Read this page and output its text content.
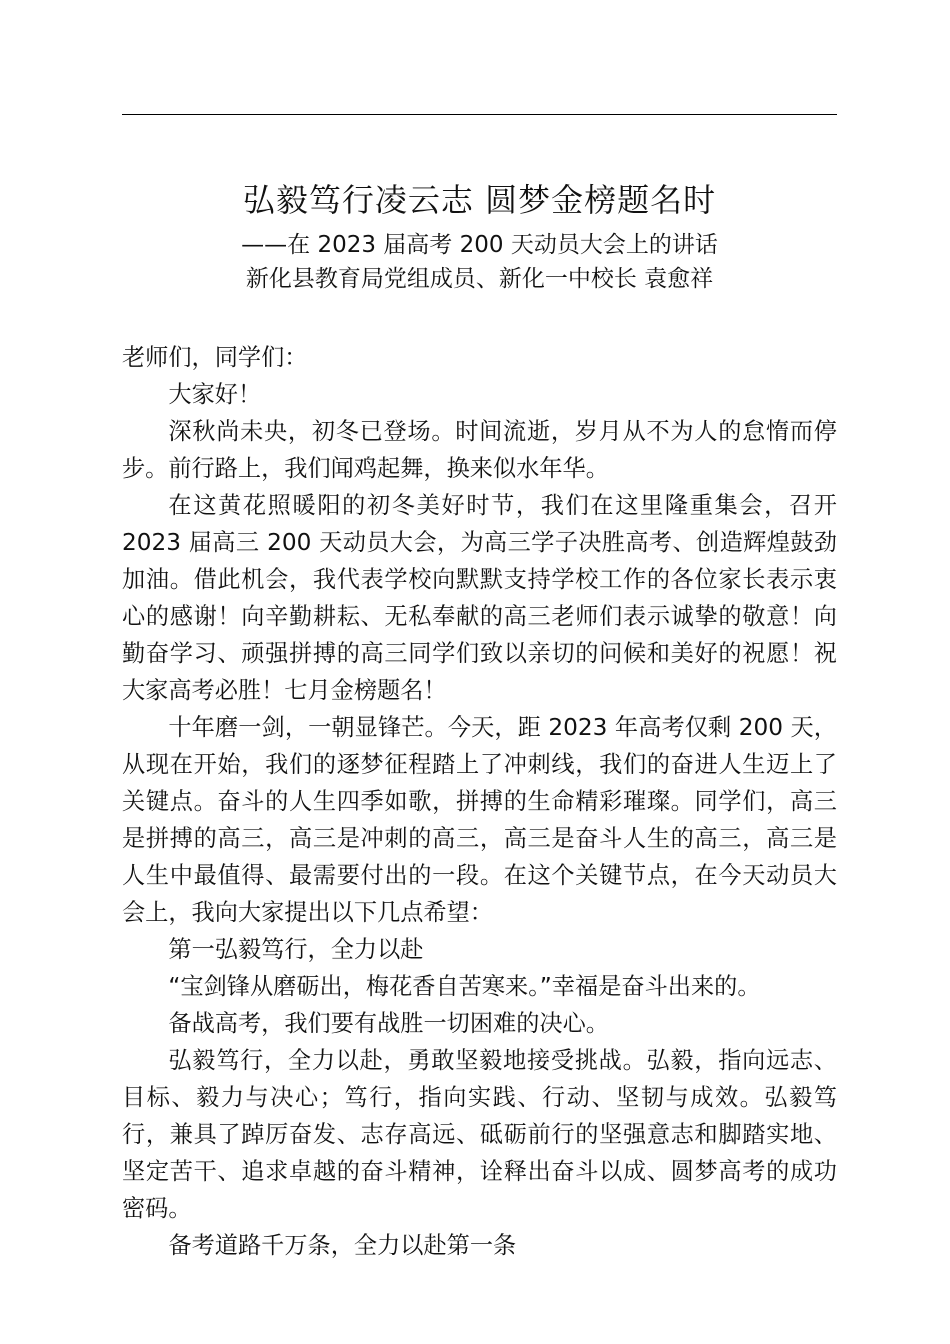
弘毅笃行凌云志 圆梦金榜题名时

——在 2023 届高考 200 天动员大会上的讲话

新化县教育局党组成员、新化一中校长 袁愈祥

老师们，同学们：

大家好！

深秋尚未央，初冬已登场。时间流逝，岁月从不为人的怠惰而停步。前行路上，我们闻鸡起舞，换来似水年华。

在这黄花照暖阳的初冬美好时节，我们在这里隆重集会，召开 2023 届高三 200 天动员大会，为高三学子决胜高考、创造辉煌鼓劲加油。借此机会，我代表学校向默默支持学校工作的各位家长表示衷心的感谢！向辛勤耕耘、无私奉献的高三老师们表示诚挚的敬意！向勤奋学习、顽强拼搏的高三同学们致以亲切的问候和美好的祝愿！祝大家高考必胜！七月金榜题名！

十年磨一剑，一朝显锋芒。今天，距 2023 年高考仅剩 200 天，从现在开始，我们的逐梦征程踏上了冲刺线，我们的奋进人生迈上了关键点。奋斗的人生四季如歌，拼搏的生命精彩璀璨。同学们，高三是拼搏的高三，高三是冲刺的高三，高三是奋斗人生的高三，高三是人生中最值得、最需要付出的一段。在这个关键节点，在今天动员大会上，我向大家提出以下几点希望：

第一弘毅笃行，全力以赴

“宝剑锋从磨砺出，梅花香自苦寒来。”幸福是奋斗出来的。

备战高考，我们要有战胜一切困难的决心。

弘毅笃行，全力以赴，勇敢坚毅地接受挑战。弘毅，指向远志、目标、毅力与决心；笃行，指向实践、行动、坚韧与成效。弘毅笃行，兼具了踔厉奋发、志存高远、砥砺前行的坚强意志和脚踏实地、坚定苦干、追求卓越的奋斗精神，诠释出奋斗以成、圆梦高考的成功密码。

备考道路千万条，全力以赴第一条
